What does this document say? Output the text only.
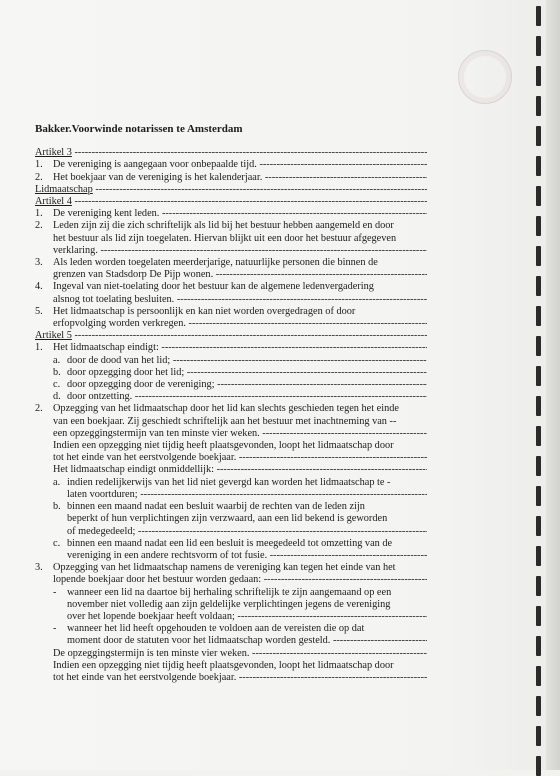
Bakker.Voorwinde notarissen te Amsterdam
Artikel 3 -----
1. De vereniging is aangegaan voor onbepaalde tijd. -----
2. Het boekjaar van de vereniging is het kalenderjaar. -----
Lidmaatschap -----
Artikel 4 -----
1. De vereniging kent leden. -----
2. Leden zijn zij die zich schriftelijk als lid bij het bestuur hebben aangemeld en door
het bestuur als lid zijn toegelaten. Hiervan blijkt uit een door het bestuur afgegeven
verklaring. -----
3. Als leden worden toegelaten meerderjarige, natuurlijke personen die binnen de
grenzen van Stadsdorp De Pijp wonen. -----
4. Ingeval van niet-toelating door het bestuur kan de algemene ledenvergadering
alsnog tot toelating besluiten. -----
5. Het lidmaatschap is persoonlijk en kan niet worden overgedragen of door
erfopvolging worden verkregen. -----
Artikel 5 -----
1. Het lidmaatschap eindigt: -----
a. door de dood van het lid; -----
b. door opzegging door het lid; -----
c. door opzegging door de vereniging; -----
d. door ontzetting. -----
2. Opzegging van het lidmaatschap door het lid kan slechts geschieden tegen het einde
van een boekjaar. Zij geschiedt schriftelijk aan het bestuur met inachtneming van --
een opzeggingstermijn van ten minste vier weken. -----
Indien een opzegging niet tijdig heeft plaatsgevonden, loopt het lidmaatschap door
tot het einde van het eerstvolgende boekjaar. -----
Het lidmaatschap eindigt onmiddellijk: -----
a. indien redelijkerwijs van het lid niet gevergd kan worden het lidmaatschap te -
laten voortduren; -----
b. binnen een maand nadat een besluit waarbij de rechten van de leden zijn
beperkt of hun verplichtingen zijn verzwaard, aan een lid bekend is geworden
of medegedeeld; -----
c. binnen een maand nadat een lid een besluit is meegedeeld tot omzetting van de
vereniging in een andere rechtsvorm of tot fusie. -----
3. Opzegging van het lidmaatschap namens de vereniging kan tegen het einde van het
lopende boekjaar door het bestuur worden gedaan: -----
- wanneer een lid na daartoe bij herhaling schriftelijk te zijn aangemaand op een
november niet volledig aan zijn geldelijke verplichtingen jegens de vereniging
over het lopende boekjaar heeft voldaan; -----
- wanneer het lid heeft opgehouden te voldoen aan de vereisten die op dat
moment door de statuten voor het lidmaatschap worden gesteld. -----
De opzeggingstermijn is ten minste vier weken. -----
Indien een opzegging niet tijdig heeft plaatsgevonden, loopt het lidmaatschap door
tot het einde van het eerstvolgende boekjaar. -----
